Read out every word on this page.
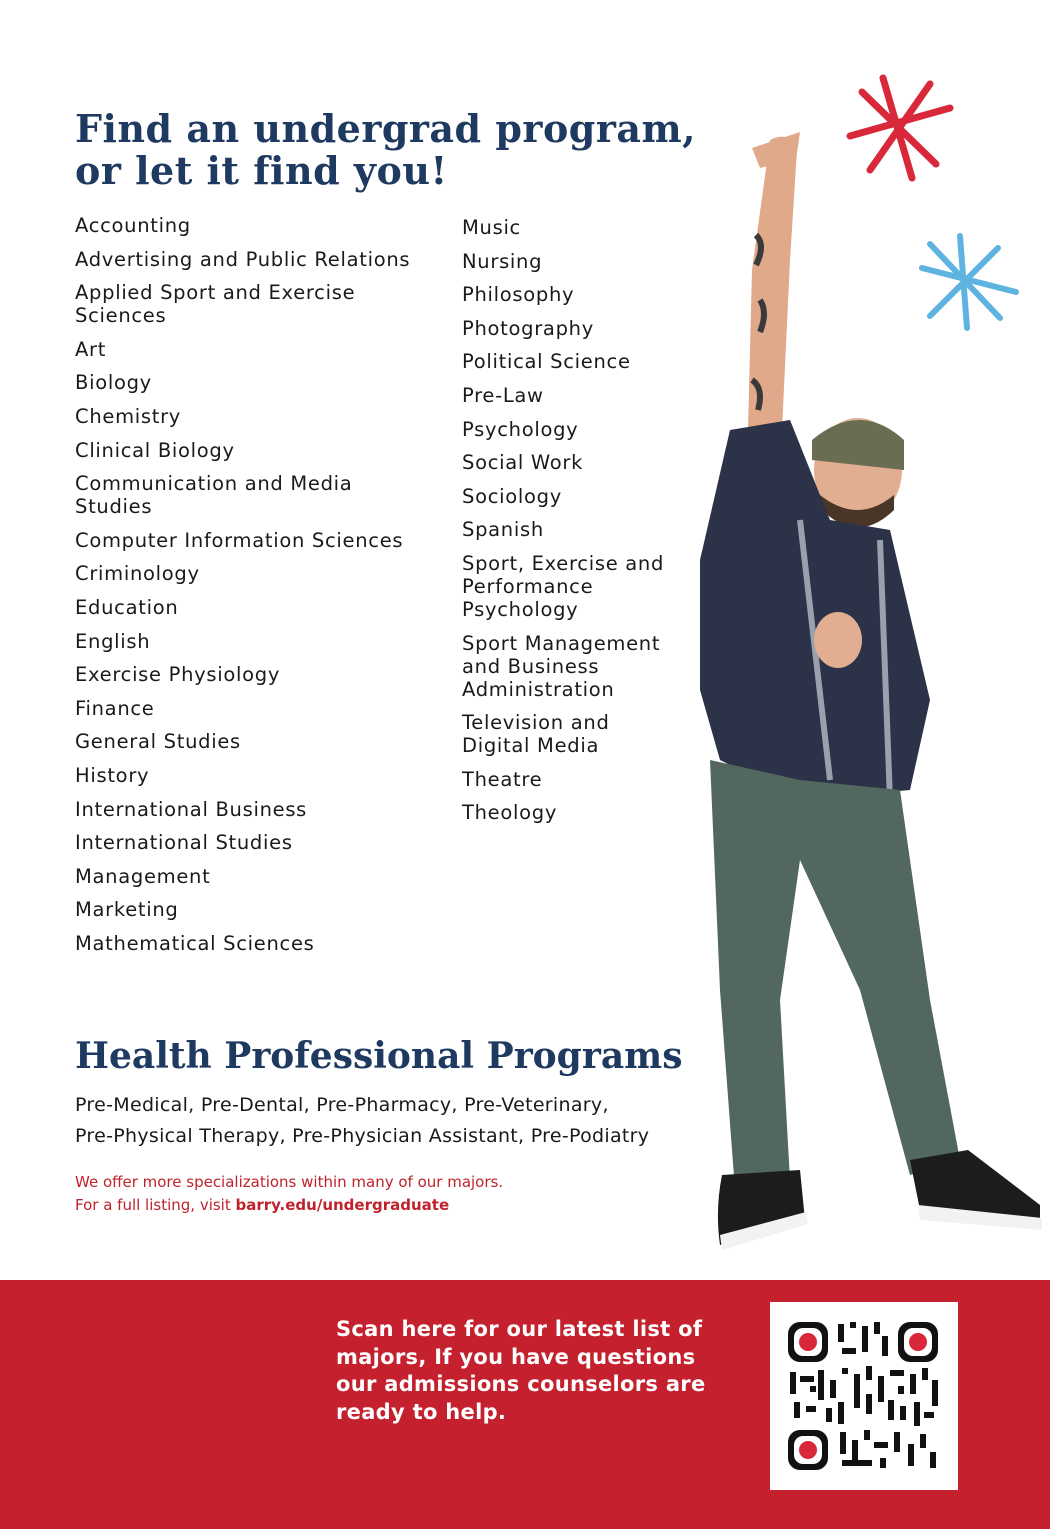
Find an undergrad program,
or let it find you!
Accounting
Advertising and Public Relations
Applied Sport and Exercise Sciences
Art
Biology
Chemistry
Clinical Biology
Communication and Media Studies
Computer Information Sciences
Criminology
Education
English
Exercise Physiology
Finance
General Studies
History
International Business
International Studies
Management
Marketing
Mathematical Sciences
Music
Nursing
Philosophy
Photography
Political Science
Pre-Law
Psychology
Social Work
Sociology
Spanish
Sport, Exercise and Performance Psychology
Sport Management and Business Administration
Television and Digital Media
Theatre
Theology
Health Professional Programs
Pre-Medical, Pre-Dental, Pre-Pharmacy, Pre-Veterinary,
Pre-Physical Therapy, Pre-Physician Assistant, Pre-Podiatry
We offer more specializations within many of our majors.
For a full listing, visit barry.edu/undergraduate
Scan here for our latest list of
majors, If you have questions
our admissions counselors are
ready to help.
